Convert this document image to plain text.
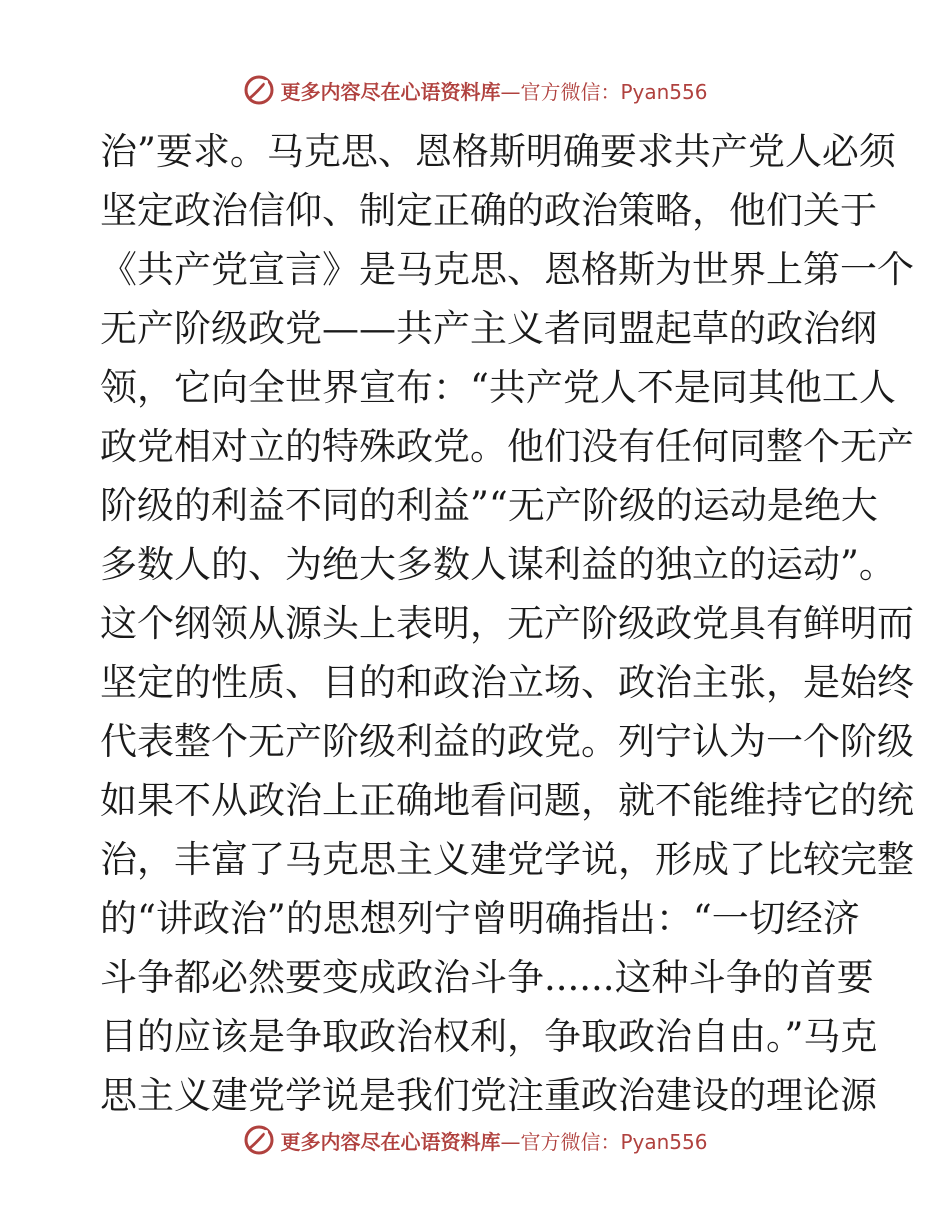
更多内容尽在心语资料库—官方微信：Pyan556
治”要求。马克思、恩格斯明确要求共产党人必须
坚定政治信仰、制定正确的政治策略，他们关于
《共产党宣言》是马克思、恩格斯为世界上第一个
无产阶级政党——共产主义者同盟起草的政治纲
领，它向全世界宣布：“共产党人不是同其他工人
政党相对立的特殊政党。他们没有任何同整个无产
阶级的利益不同的利益”“无产阶级的运动是绝大
多数人的、为绝大多数人谋利益的独立的运动”。
这个纲领从源头上表明，无产阶级政党具有鲜明而
坚定的性质、目的和政治立场、政治主张，是始终
代表整个无产阶级利益的政党。列宁认为一个阶级
如果不从政治上正确地看问题，就不能维持它的统
治，丰富了马克思主义建党学说，形成了比较完整
的“讲政治”的思想列宁曾明确指出：“一切经济
斗争都必然要变成政治斗争......这种斗争的首要
目的应该是争取政治权利，争取政治自由。”马克
思主义建党学说是我们党注重政治建设的理论源
更多内容尽在心语资料库—官方微信：Pyan556
